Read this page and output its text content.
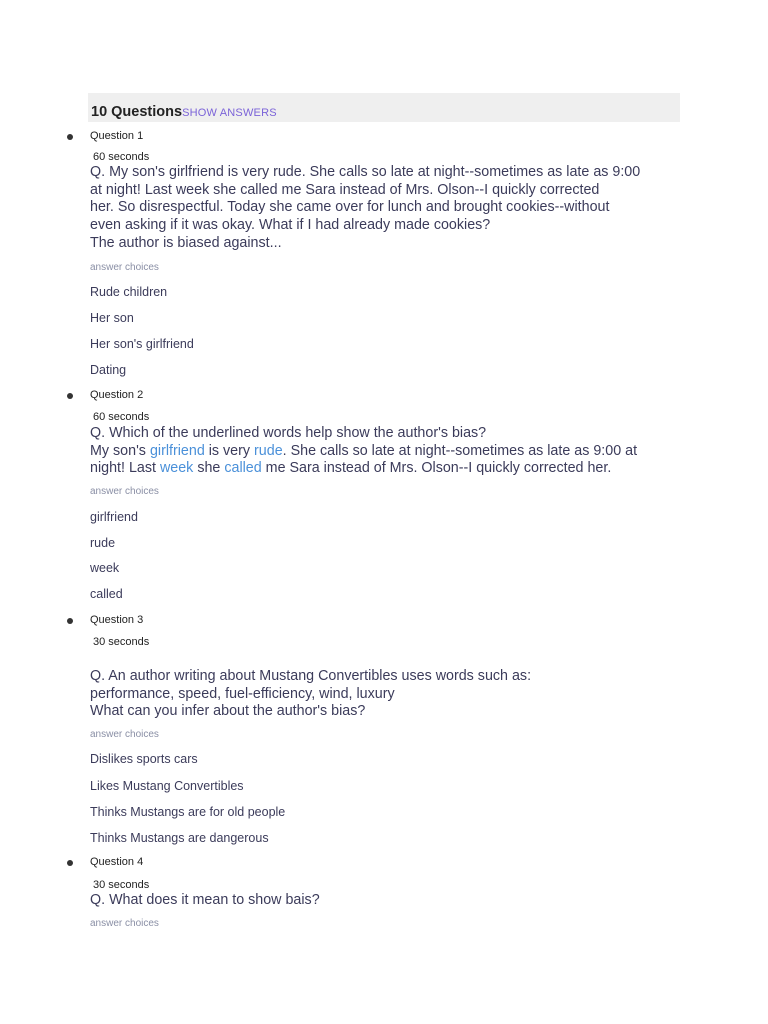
10 QuestionsSHOW ANSWERS
Question 1
60 seconds
Q. My son's girlfriend is very rude. She calls so late at night--sometimes as late as 9:00
at night! Last week she called me Sara instead of Mrs. Olson--I quickly corrected
her. So disrespectful. Today she came over for lunch and brought cookies--without
even asking if it was okay. What if I had already made cookies?
The author is biased against...
answer choices
Rude children
Her son
Her son's girlfriend
Dating
Question 2
60 seconds
Q. Which of the underlined words help show the author's bias?
My son's girlfriend is very rude. She calls so late at night--sometimes as late as 9:00 at
night! Last week she called me Sara instead of Mrs. Olson--I quickly corrected her.
answer choices
girlfriend
rude
week
called
Question 3
30 seconds
Q. An author writing about Mustang Convertibles uses words such as:
performance, speed, fuel-efficiency, wind, luxury
What can you infer about the author's bias?
answer choices
Dislikes sports cars
Likes Mustang Convertibles
Thinks Mustangs are for old people
Thinks Mustangs are dangerous
Question 4
30 seconds
Q. What does it mean to show bais?
answer choices
